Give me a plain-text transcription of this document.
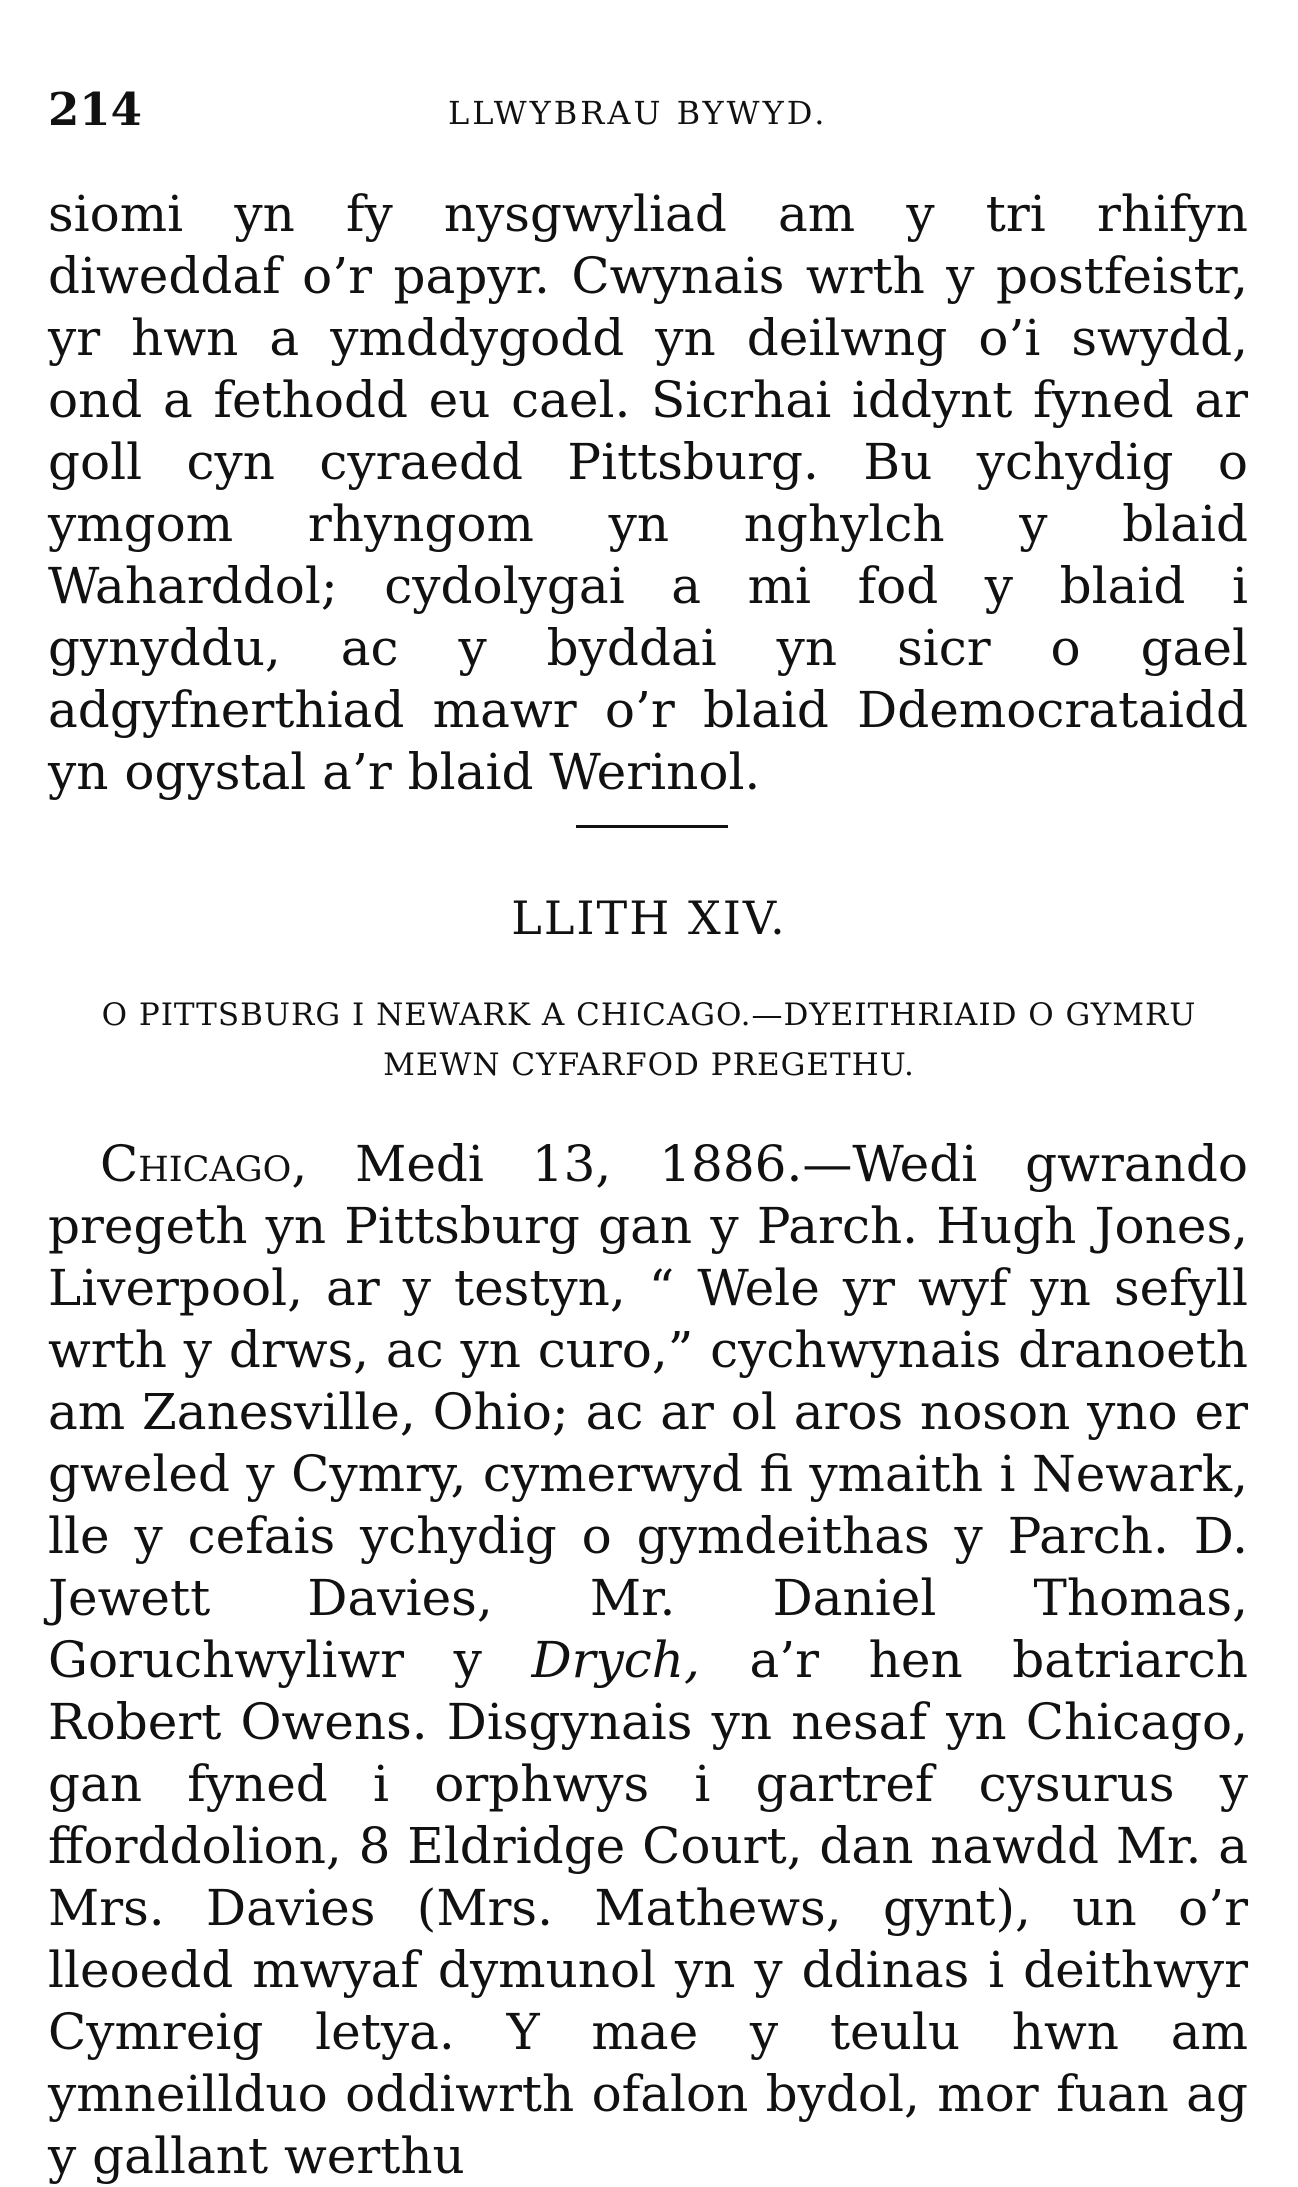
214	LLWYBRAU BYWYD.

siomi yn fy nysgwyliad am y tri rhifyn diweddaf o’r papyr. Cwynais wrth y postfeistr, yr hwn a ymddygodd yn deilwng o’i swydd, ond a fethodd eu cael. Sicrhai iddynt fyned ar goll cyn cyraedd Pittsburg. Bu ychydig o ymgom rhyngom yn nghylch y blaid Waharddol; cydolygai a mi fod y blaid i gynyddu, ac y byddai yn sicr o gael adgyfnerthiad mawr o’r blaid Ddemocrataidd yn ogystal a’r blaid Werinol.

LLITH XIV.
O PITTSBURG I NEWARK A CHICAGO.—DYEITHRIAID O GYMRU MEWN CYFARFOD PREGETHU.

Chicago, Medi 13, 1886.—Wedi gwrando pregeth yn Pittsburg gan y Parch. Hugh Jones, Liverpool, ar y testyn, “ Wele yr wyf yn sefyll wrth y drws, ac yn curo,” cychwynais dranoeth am Zanesville, Ohio; ac ar ol aros noson yno er gweled y Cymry, cymerwyd fi ymaith i Newark, lle y cefais ychydig o gymdeithas y Parch. D. Jewett Davies, Mr. Daniel Thomas, Goruchwyliwr y Drych, a’r hen batriarch Robert Owens. Disgynais yn nesaf yn Chicago, gan fyned i orphwys i gartref cysurus y fforddolion, 8 Eldridge Court, dan nawdd Mr. a Mrs. Davies (Mrs. Mathews, gynt), un o’r lleoedd mwyaf dymunol yn y ddinas i deithwyr Cymreig letya. Y mae y teulu hwn am ymneillduo oddiwrth ofalon bydol, mor fuan ag y gallant werthu
